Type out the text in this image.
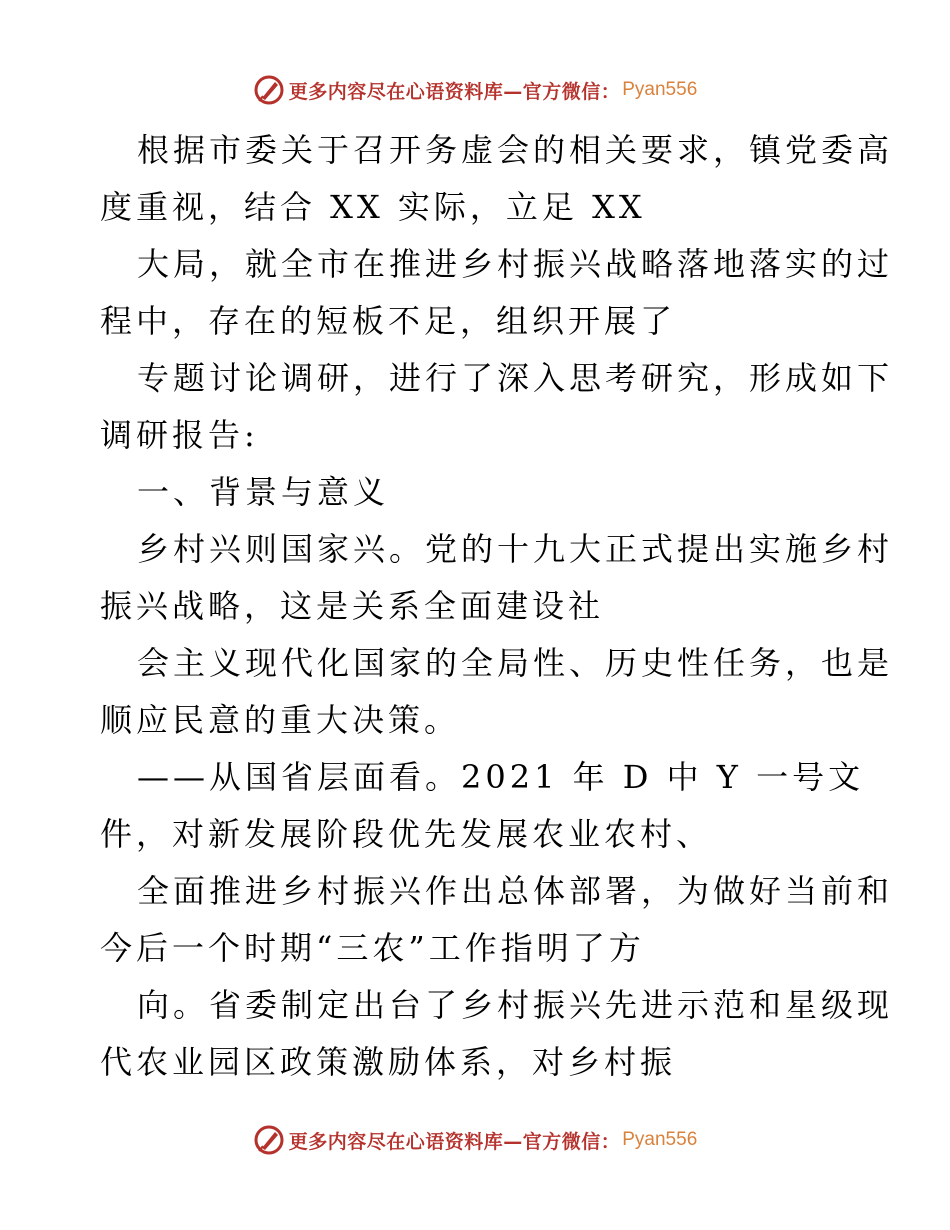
更多内容尽在心语资料库—官方微信： Pyan556
根据市委关于召开务虚会的相关要求，镇党委高
度重视，结合 XX 实际，立足 XX
大局，就全市在推进乡村振兴战略落地落实的过
程中，存在的短板不足，组织开展了
专题讨论调研，进行了深入思考研究，形成如下
调研报告:
一、背景与意义
乡村兴则国家兴。党的十九大正式提出实施乡村
振兴战略，这是关系全面建设社
会主义现代化国家的全局性、历史性任务，也是
顺应民意的重大决策。
——从国省层面看。2021 年 D 中 Y 一号文
件，对新发展阶段优先发展农业农村、
全面推进乡村振兴作出总体部署，为做好当前和
今后一个时期“三农”工作指明了方
向。省委制定出台了乡村振兴先进示范和星级现
代农业园区政策激励体系，对乡村振
更多内容尽在心语资料库—官方微信： Pyan556
